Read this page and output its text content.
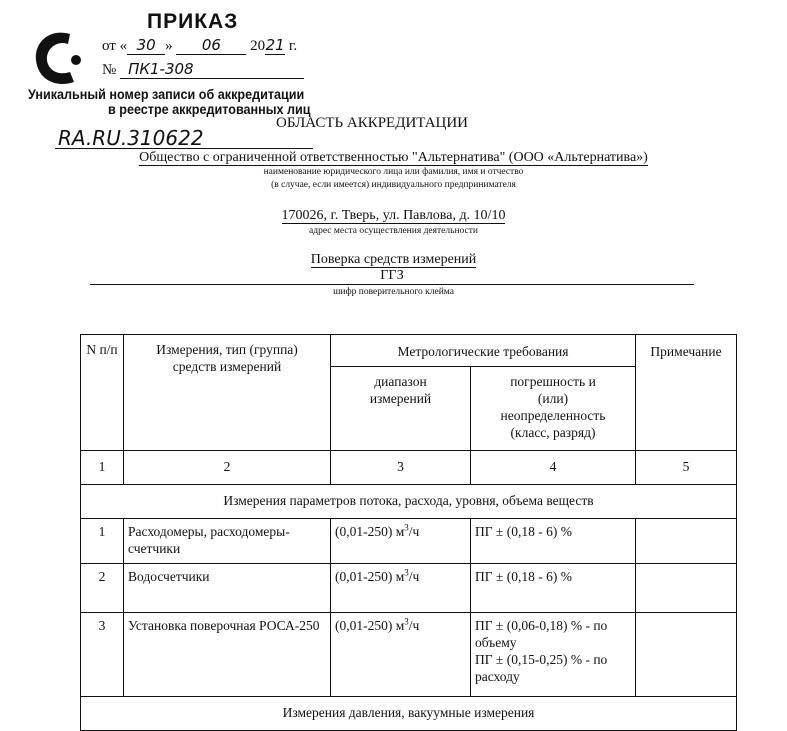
ПРИКАЗ
от « 30 » 06 2021 г.
№ ПК1-308
Уникальный номер записи об аккредитации
в реестре аккредитованных лиц
RA.RU.310622
ОБЛАСТЬ АККРЕДИТАЦИИ
Общество с ограниченной ответственностью "Альтернатива" (ООО «Альтернатива»)
наименование юридического лица или фамилия, имя и отчество
(в случае, если имеется) индивидуального предпринимателя
170026, г. Тверь, ул. Павлова, д. 10/10
адрес места осуществления деятельности
Поверка средств измерений
ГГЗ
шифр поверительного клейма
N п/п	Измерения, тип (группа) средств измерений	Метрологические требования		Примечание
		диапазон измерений	погрешность и (или) неопределенность (класс, разряд)	
1	2	3	4	5
Измерения параметров потока, расхода, уровня, объема веществ				
1	Расходомеры, расходомеры-счетчики	(0,01-250) $м^3/ч$	ПГ ± (0,18 - 6) %	

2	Водосчетчики	(0,01-250) $м^3/ч$	ПГ ± (0,18 - 6) %	

3	Установка поверочная РОСА-250	(0,01-250) $м^3/ч$	ПГ ± (0,06-0,18) % - по объему
ПГ ± (0,15-0,25) % - по расходу	

Измерения давления, вакуумные измерения				
